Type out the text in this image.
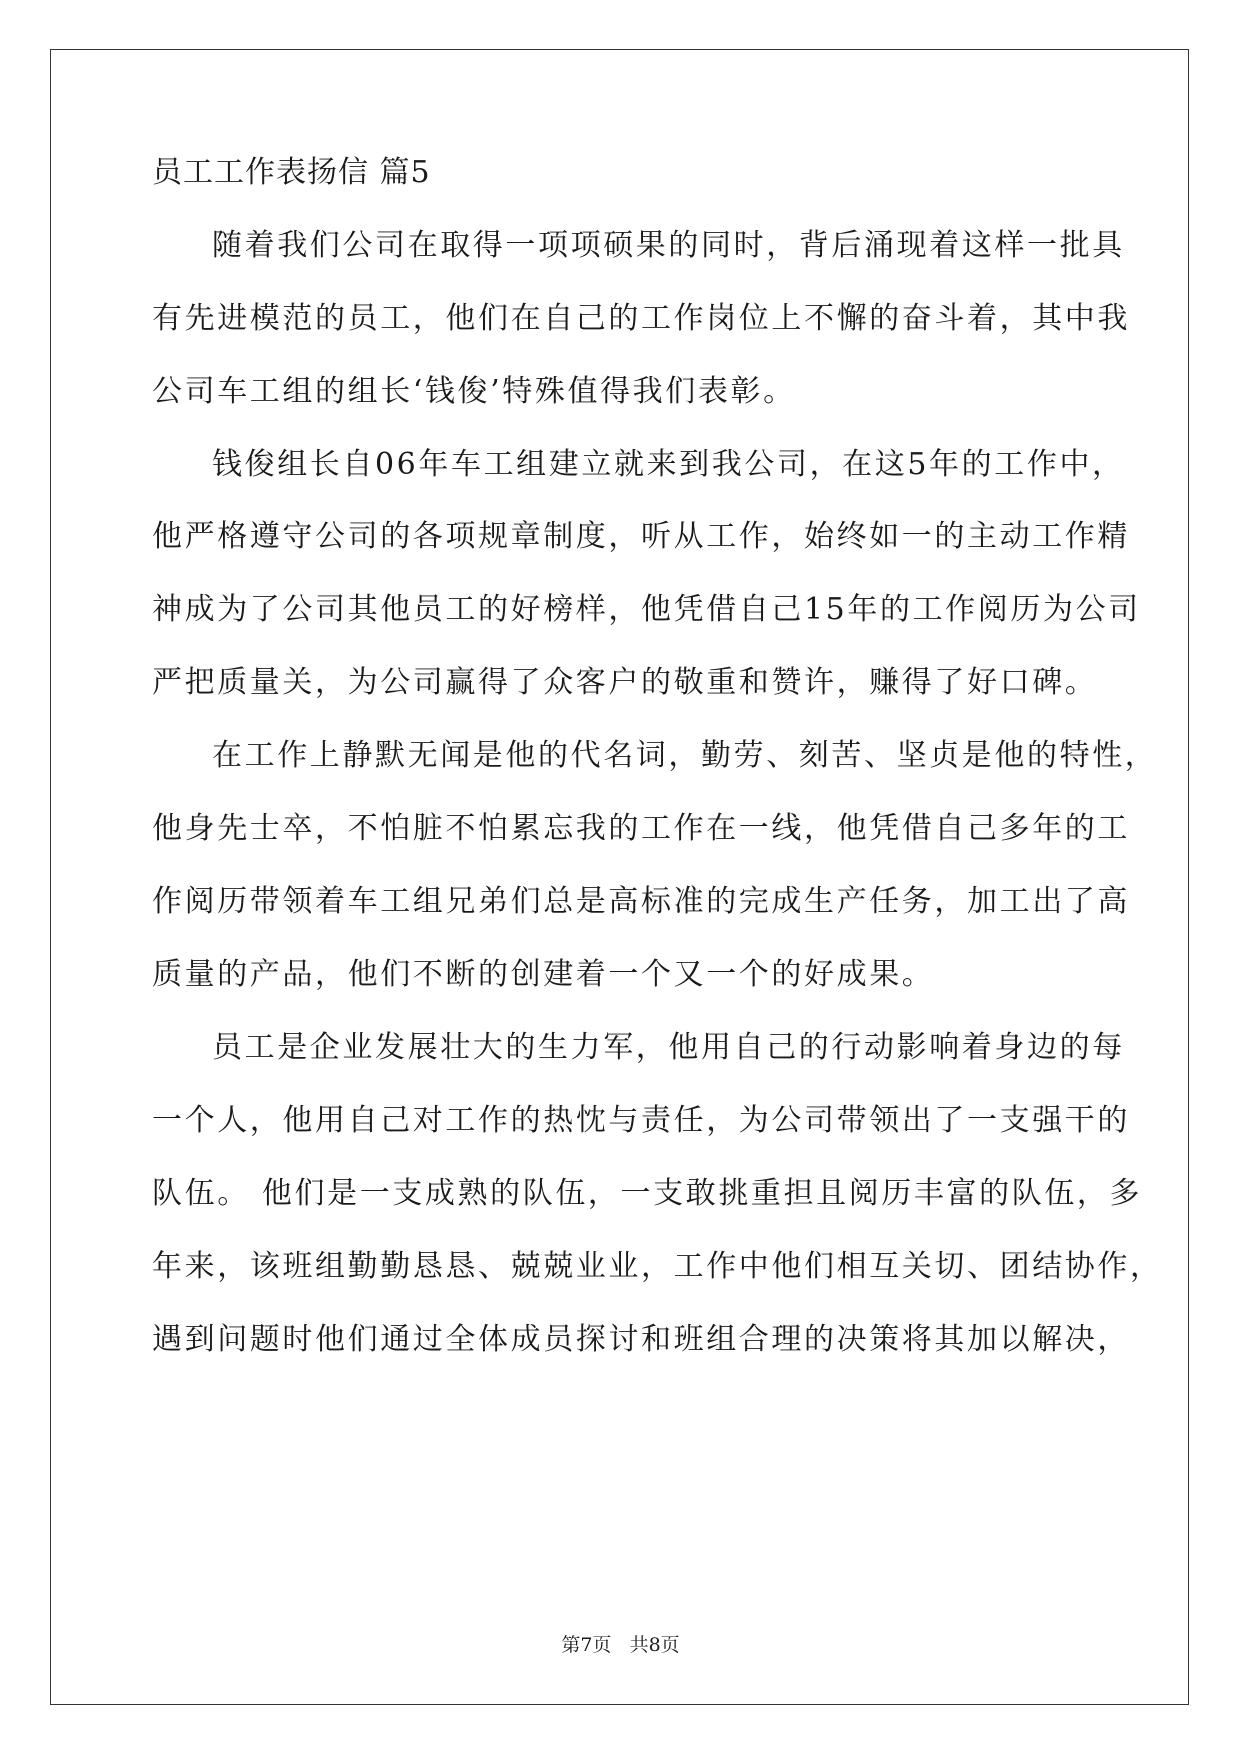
员工工作表扬信 篇5
随着我们公司在取得一项项硕果的同时，背后涌现着这样一批具
有先进模范的员工，他们在自己的工作岗位上不懈的奋斗着，其中我
公司车工组的组长‘钱俊’特殊值得我们表彰。
钱俊组长自06年车工组建立就来到我公司，在这5年的工作中，
他严格遵守公司的各项规章制度，听从工作，始终如一的主动工作精
神成为了公司其他员工的好榜样，他凭借自己15年的工作阅历为公司
严把质量关，为公司赢得了众客户的敬重和赞许，赚得了好口碑。
在工作上静默无闻是他的代名词，勤劳、刻苦、坚贞是他的特性，
他身先士卒，不怕脏不怕累忘我的工作在一线，他凭借自己多年的工
作阅历带领着车工组兄弟们总是高标准的完成生产任务，加工出了高
质量的产品，他们不断的创建着一个又一个的好成果。
员工是企业发展壮大的生力军，他用自己的行动影响着身边的每
一个人，他用自己对工作的热忱与责任，为公司带领出了一支强干的
队伍。 他们是一支成熟的队伍，一支敢挑重担且阅历丰富的队伍，多
年来，该班组勤勤恳恳、兢兢业业，工作中他们相互关切、团结协作，
遇到问题时他们通过全体成员探讨和班组合理的决策将其加以解决，
第7页 共8页
